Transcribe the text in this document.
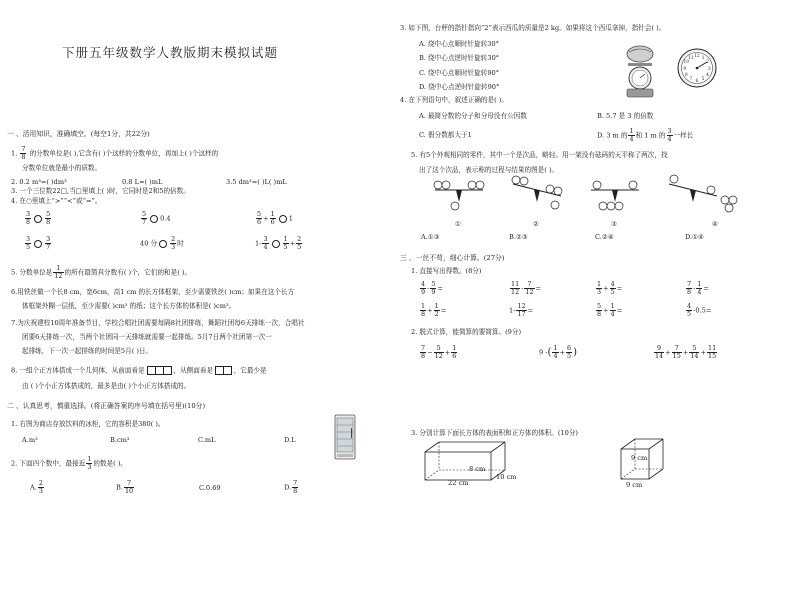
下册五年级数学人教版期末模拟试题
一 、活用知识，准确填空。(每空1分，共22分)
1. $\frac{7}{8}$ 的分数单位是( ),它含有( )个这样的分数单位，再加上( )个这样的
分数单位就是最小的质数。
2. 0.2 m³=( )dm³	0.8 L=( )mL	3.5 dm³=( )L( )mL
3. 一个三位数22□,当□里填上( )时，它同时是2和5的倍数。
4. 在○里填上“>”“<”或“=”。
$\frac{3}{8} \frac{5}{8}$	$\frac{5}{7} 0.4$	$\frac{5}{6} + \frac{1}{6} 1$
$\frac{3}{5} \frac{3}{7}$	40 分 $\frac{2}{3}$ 时	$1- \frac{3}{4} \frac{1}{5} + \frac{2}{5}$
5. 分数单位是 $\frac{1}{12}$ 的所有最简真分数有( )个，它们的和是( )。
6.用铁丝做一个长8 cm，宽6cm，高1 cm 的长方体框架，至少需要铁丝( )cm；如果在这个长方
体框架外糊一层纸，至少需要( )cm² 的纸；这个长方体的体积是( )cm³。
7.为庆祝建校10周年准备节目，学校合唱社团需要每隔8社团排练，舞蹈社团每6天排练一次，合唱社
团要6天排练一次，当两个社团同一天排练就需要一起排练。5月7日两个社团第一次一
起排练，下一次一起排练的时间是5月( )日。
8. 一组个正方体搭成一个几何体，从前面看是	，从侧面看是	，它最少是
由 ( )个小正方体搭成的，最多是由( )个小正方体搭成的。
二 、认真思考，慎重选择。(将正确答案的序号填在括号里)(10分)
1. 右图为商店存放饮料的冰柜，它的容积是380( )。
A.m³	B.cm³	C.mL	D.L
2. 下面四个数中，最接近 $\frac{1}{3}$ 的数是( )。
A. $\frac{2}{3}$	B. $\frac{7}{10}$	C.0.69	D. $\frac{7}{8}$
3. 如下图，台秤的指针指向“2”表示西瓜的质量是2 kg。如果将这个西瓜拿掉，指针会( )。
A. 绕中心点顺时针旋转30°
B. 绕中心点逆时针旋转30°
C. 绕中心点顺时针旋转90°
D. 绕中心点逆时针旋转90°
12 1
2
3
4
5
6
7
8
9
10
11
4. 在下列语句中，叙述正确的是( )。
A. 最简分数的分子和分母没有公因数	B. 5.7 是 3 的倍数
C. 假分数都大于1	D. 3 m 的 $\frac{1}{4}$ 和 1 m 的 $\frac{3}{4}$ 一样长
5. 有5个外观相同的零件，其中一个是次品，略轻。用一架没有砝码的天平称了两次，找
出了这个次品，表示称的过程与结果的图是( )。
①	②	③	④
A.①③	B.②③	C.②④	D.①④
三 、一丝不苟，细心计算。(27分)
1. 直接写出得数。(8分)
$\frac{4}{9} - \frac{5}{9}$ =	$\frac{11}{12} - \frac{7}{12}$ =	$\frac{1}{3} + \frac{4}{5}$ =	$\frac{7}{8} - \frac{1}{4}$ =
$\frac{1}{8} + \frac{1}{2}$ =	$1- \frac{12}{17}$ =	$\frac{5}{8} + \frac{1}{4}$ =	$\frac{4}{5} -0.5=$
2. 脱式计算，能简算的要简算。(9分)
$\frac{7}{8} - \frac{5}{12} + \frac{1}{6}$	9 -( $\frac{1}{4} + \frac{6}{5}$ )	$\frac{9}{14} + \frac{7}{15} + \frac{5}{14} + \frac{11}{15}$
3. 分别计算下面长方体的表面积和正方体的体积。(10分)
22 cm
8 cm
10 cm
9 cm
9 cm
